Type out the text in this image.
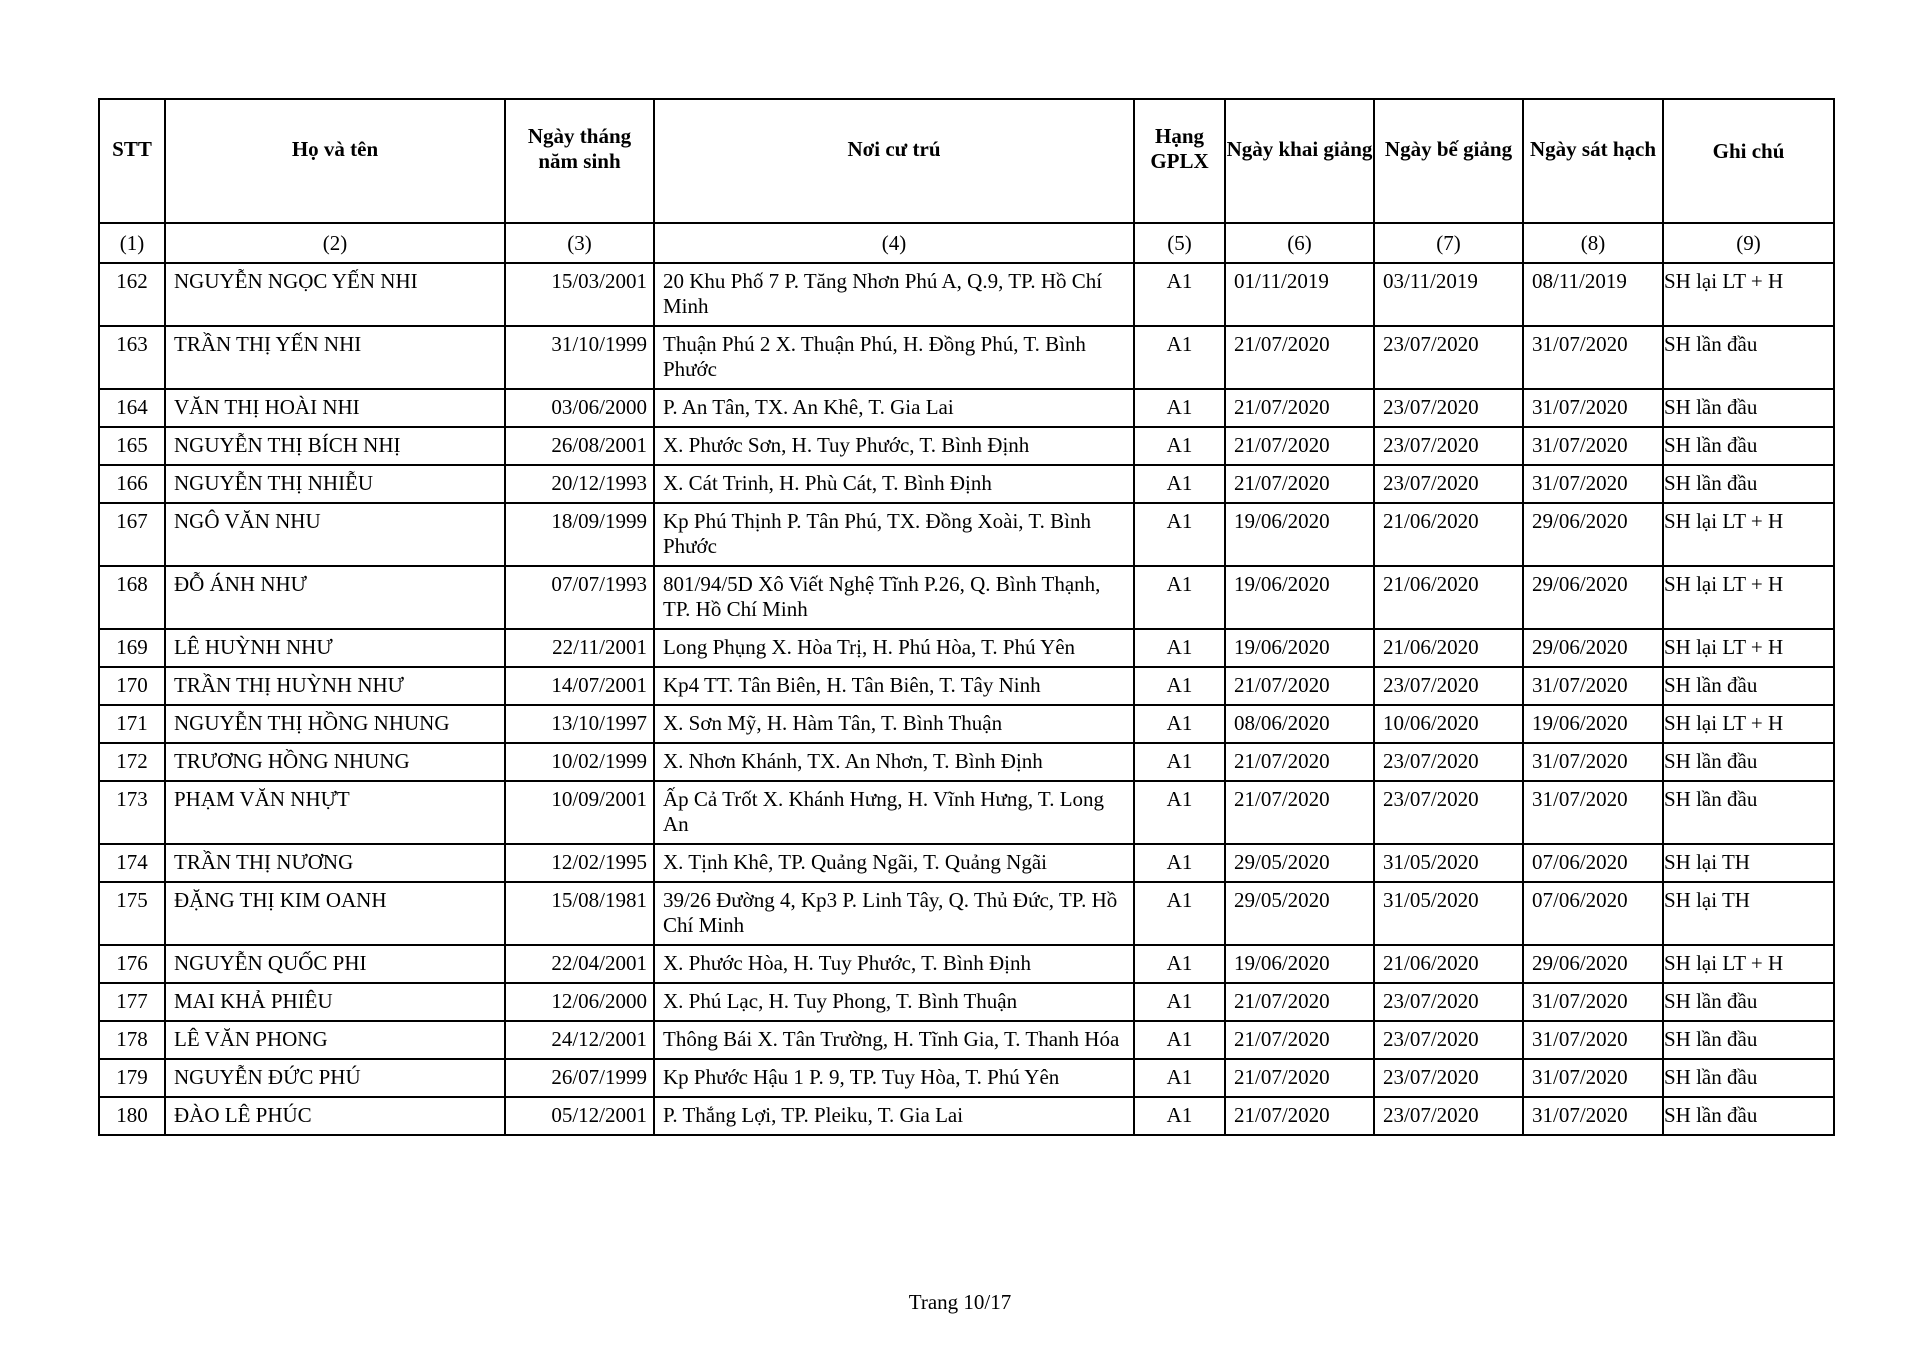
STT	Họ và tên	Ngày tháng năm sinh	Nơi cư trú	Hạng GPLX	Ngày khai giảng	Ngày bế giảng	Ngày sát hạch	Ghi chú
(1)	(2)	(3)	(4)	(5)	(6)	(7)	(8)	(9)
162	NGUYỄN NGỌC YẾN NHI	15/03/2001	20 Khu Phố 7 P. Tăng Nhơn Phú A, Q.9, TP. Hồ Chí Minh	A1	01/11/2019	03/11/2019	08/11/2019	SH lại LT + H
163	TRẦN THỊ YẾN NHI	31/10/1999	Thuận Phú 2 X. Thuận Phú, H. Đồng Phú, T. Bình Phước	A1	21/07/2020	23/07/2020	31/07/2020	SH lần đầu
164	VĂN THỊ HOÀI NHI	03/06/2000	P. An Tân, TX. An Khê, T. Gia Lai	A1	21/07/2020	23/07/2020	31/07/2020	SH lần đầu
165	NGUYỄN THỊ BÍCH NHỊ	26/08/2001	X. Phước Sơn, H. Tuy Phước, T. Bình Định	A1	21/07/2020	23/07/2020	31/07/2020	SH lần đầu
166	NGUYỄN THỊ NHIỄU	20/12/1993	X. Cát Trinh, H. Phù Cát, T. Bình Định	A1	21/07/2020	23/07/2020	31/07/2020	SH lần đầu
167	NGÔ VĂN NHU	18/09/1999	Kp Phú Thịnh P. Tân Phú, TX. Đồng Xoài, T. Bình Phước	A1	19/06/2020	21/06/2020	29/06/2020	SH lại LT + H
168	ĐỖ ÁNH NHƯ	07/07/1993	801/94/5D Xô Viết Nghệ Tĩnh P.26, Q. Bình Thạnh, TP. Hồ Chí Minh	A1	19/06/2020	21/06/2020	29/06/2020	SH lại LT + H
169	LÊ HUỲNH NHƯ	22/11/2001	Long Phụng X. Hòa Trị, H. Phú Hòa, T. Phú Yên	A1	19/06/2020	21/06/2020	29/06/2020	SH lại LT + H
170	TRẦN THỊ HUỲNH NHƯ	14/07/2001	Kp4 TT. Tân Biên, H. Tân Biên, T. Tây Ninh	A1	21/07/2020	23/07/2020	31/07/2020	SH lần đầu
171	NGUYỄN THỊ HỒNG NHUNG	13/10/1997	X. Sơn Mỹ, H. Hàm Tân, T. Bình Thuận	A1	08/06/2020	10/06/2020	19/06/2020	SH lại LT + H
172	TRƯƠNG HỒNG NHUNG	10/02/1999	X. Nhơn Khánh, TX. An Nhơn, T. Bình Định	A1	21/07/2020	23/07/2020	31/07/2020	SH lần đầu
173	PHẠM VĂN NHỰT	10/09/2001	Ấp Cả Trốt X. Khánh Hưng, H. Vĩnh Hưng, T. Long An	A1	21/07/2020	23/07/2020	31/07/2020	SH lần đầu
174	TRẦN THỊ NƯƠNG	12/02/1995	X. Tịnh Khê, TP. Quảng Ngãi, T. Quảng Ngãi	A1	29/05/2020	31/05/2020	07/06/2020	SH lại TH
175	ĐẶNG THỊ KIM OANH	15/08/1981	39/26 Đường 4, Kp3 P. Linh Tây, Q. Thủ Đức, TP. Hồ Chí Minh	A1	29/05/2020	31/05/2020	07/06/2020	SH lại TH
176	NGUYỄN QUỐC PHI	22/04/2001	X. Phước Hòa, H. Tuy Phước, T. Bình Định	A1	19/06/2020	21/06/2020	29/06/2020	SH lại LT + H
177	MAI KHẢ PHIÊU	12/06/2000	X. Phú Lạc, H. Tuy Phong, T. Bình Thuận	A1	21/07/2020	23/07/2020	31/07/2020	SH lần đầu
178	LÊ VĂN PHONG	24/12/2001	Thông Bái X. Tân Trường, H. Tĩnh Gia, T. Thanh Hóa	A1	21/07/2020	23/07/2020	31/07/2020	SH lần đầu
179	NGUYỄN ĐỨC PHÚ	26/07/1999	Kp Phước Hậu 1 P. 9, TP. Tuy Hòa, T. Phú Yên	A1	21/07/2020	23/07/2020	31/07/2020	SH lần đầu
180	ĐÀO LÊ PHÚC	05/12/2001	P. Thắng Lợi, TP. Pleiku, T. Gia Lai	A1	21/07/2020	23/07/2020	31/07/2020	SH lần đầu
Trang 10/17
